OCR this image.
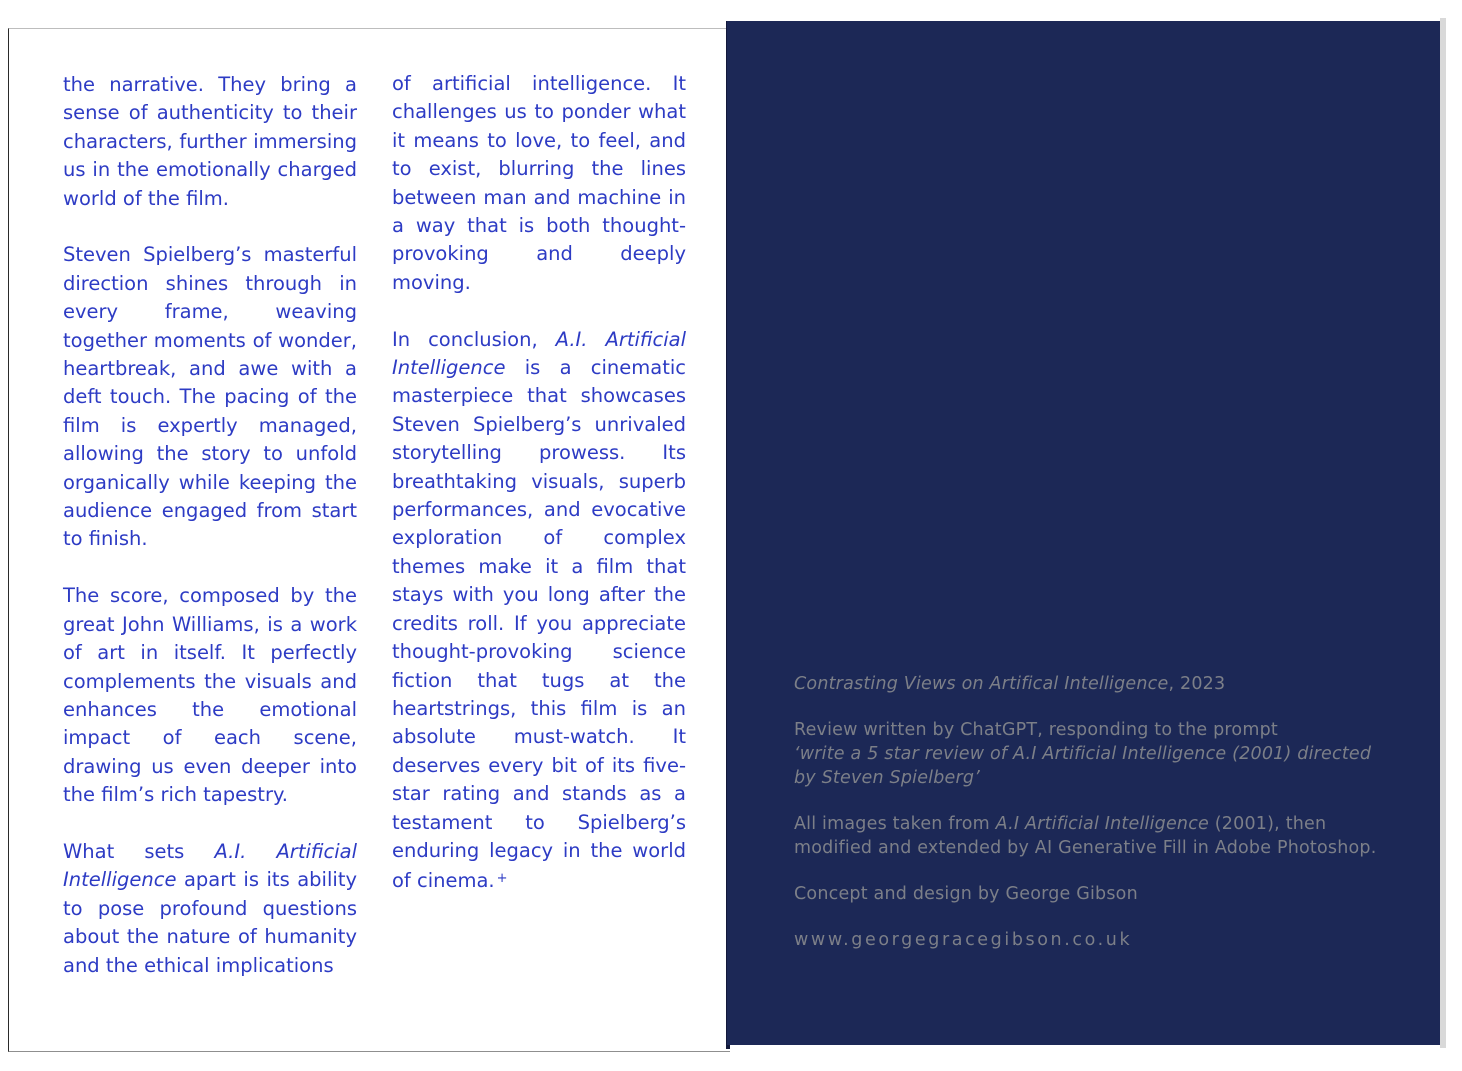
the narrative. They bring a sense of authenticity to their characters, further immersing us in the emotionally charged world of the film.

Steven Spielberg’s masterful direction shines through in every frame, weaving together moments of wonder, heartbreak, and awe with a deft touch. The pacing of the film is expertly managed, allowing the story to unfold organically while keeping the audience engaged from start to finish.

The score, composed by the great John Williams, is a work of art in itself. It perfectly complements the visuals and enhances the emotional impact of each scene, drawing us even deeper into the film’s rich tapestry.

What sets A.I. Artificial Intelligence apart is its ability to pose profound questions about the nature of humanity and the ethical implications

of artificial intelligence. It challenges us to ponder what it means to love, to feel, and to exist, blurring the lines between man and machine in a way that is both thought-provoking and deeply moving.

In conclusion, A.I. Artificial Intelligence is a cinematic masterpiece that showcases Steven Spielberg’s unrivaled storytelling prowess. Its breathtaking visuals, superb performances, and evocative exploration of complex themes make it a film that stays with you long after the credits roll. If you appreciate thought-provoking science fiction that tugs at the heartstrings, this film is an absolute must-watch. It deserves every bit of its five-star rating and stands as a testament to Spielberg’s enduring legacy in the world of cinema. +

Contrasting Views on Artifical Intelligence, 2023

Review written by ChatGPT, responding to the prompt
‘write a 5 star review of A.I Artificial Intelligence (2001) directed by Steven Spielberg’

All images taken from A.I Artificial Intelligence (2001), then modified and extended by AI Generative Fill in Adobe Photoshop.

Concept and design by George Gibson

www.georgegracegibson.co.uk
